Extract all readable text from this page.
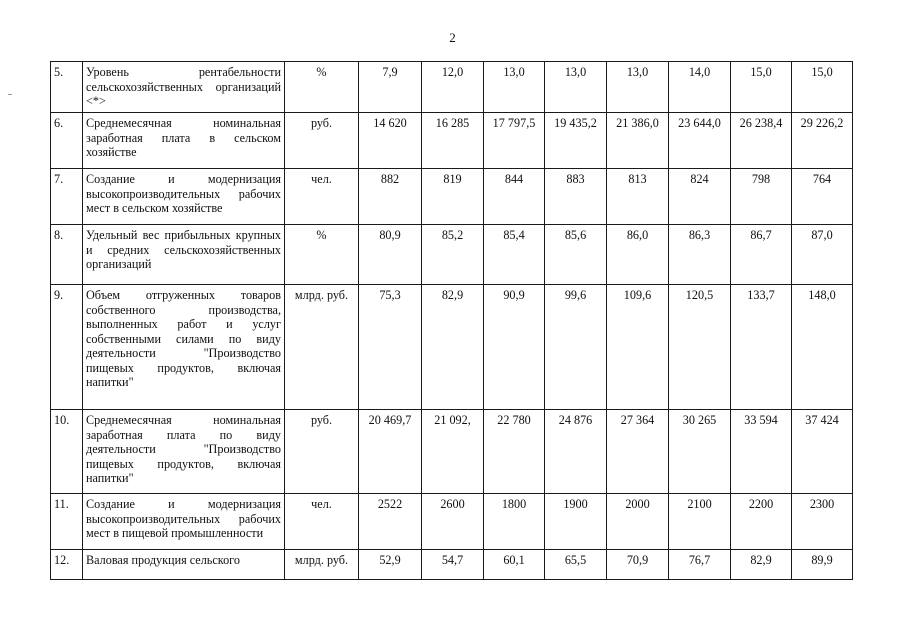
2
5.	Уровень рентабельности сельскохозяйственных организаций <*>	%	7,9	12,0	13,0	13,0	13,0	14,0	15,0	15,0
6.	Среднемесячная номинальная заработная плата в сельском хозяйстве	руб.	14 620	16 285	17 797,5	19 435,2	21 386,0	23 644,0	26 238,4	29 226,2
7.	Создание и модернизация высокопроизводительных рабочих мест в сельском хозяйстве	чел.	882	819	844	883	813	824	798	764
8.	Удельный вес прибыльных крупных и средних сельскохозяйственных организаций	%	80,9	85,2	85,4	85,6	86,0	86,3	86,7	87,0
9.	Объем отгруженных товаров собственного производства, выполненных работ и услуг собственными силами по виду деятельности "Производство пищевых продуктов, включая напитки"	млрд. руб.	75,3	82,9	90,9	99,6	109,6	120,5	133,7	148,0
10.	Среднемесячная номинальная заработная плата по виду деятельности "Производство пищевых продуктов, включая напитки"	руб.	20 469,7	21 092,	22 780	24 876	27 364	30 265	33 594	37 424
11.	Создание и модернизация высокопроизводительных рабочих мест в пищевой промышленности	чел.	2522	2600	1800	1900	2000	2100	2200	2300
12.	Валовая продукция сельского	млрд. руб.	52,9	54,7	60,1	65,5	70,9	76,7	82,9	89,9
